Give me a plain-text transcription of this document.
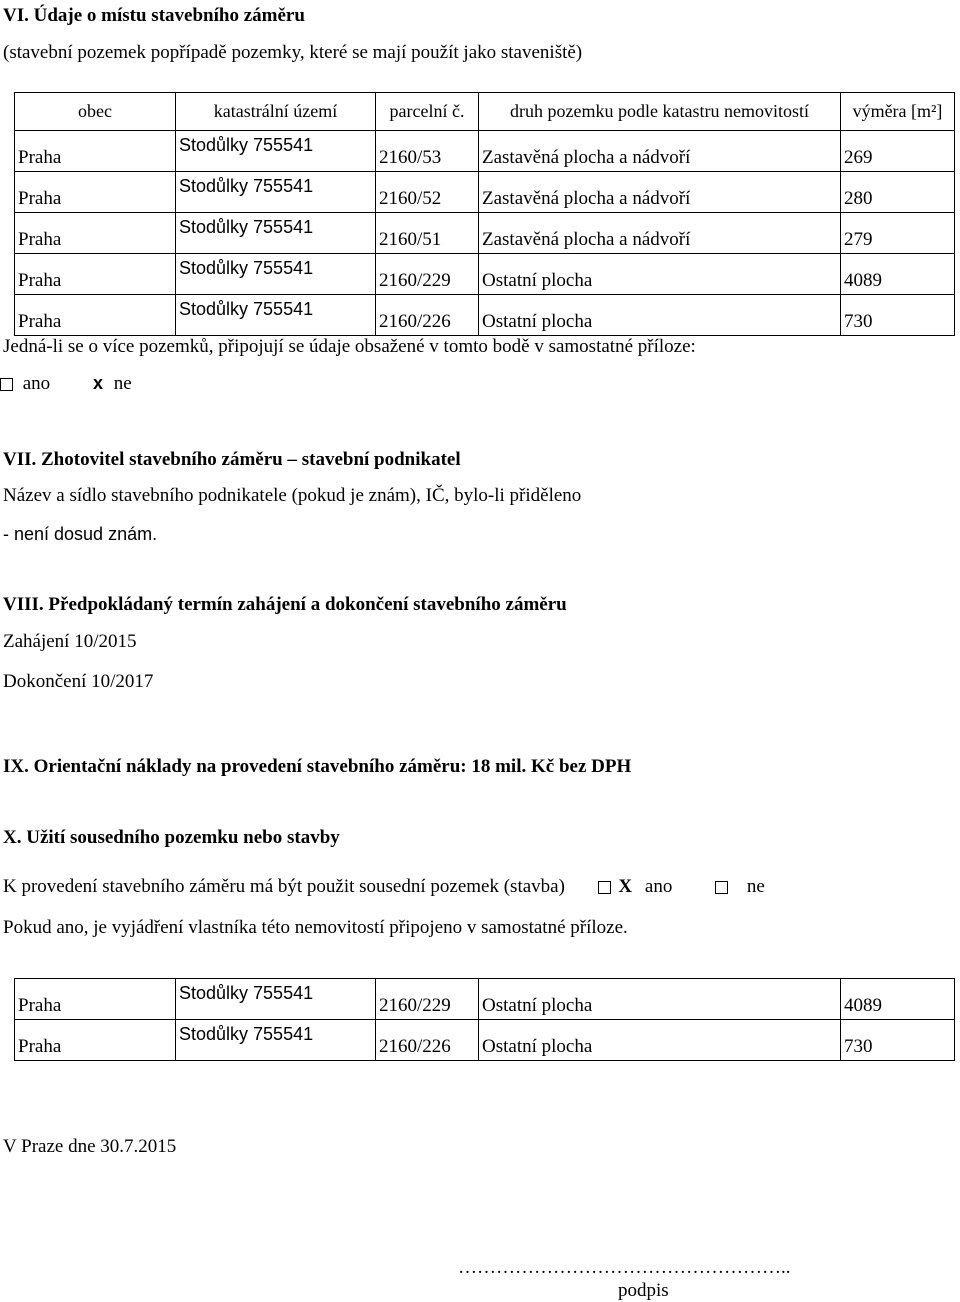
VI. Údaje o místu stavebního záměru
(stavební pozemek popřípadě pozemky, které se mají použít jako staveniště)
obec	katastrální území	parcelní č.	druh pozemku podle katastru nemovitostí	výměra [m²]
Praha	Stodůlky 755541	2160/53	Zastavěná plocha a nádvoří	269
Praha	Stodůlky 755541	2160/52	Zastavěná plocha a nádvoří	280
Praha	Stodůlky 755541	2160/51	Zastavěná plocha a nádvoří	279
Praha	Stodůlky 755541	2160/229	Ostatní plocha	4089
Praha	Stodůlky 755541	2160/226	Ostatní plocha	730
Jedná-li se o více pozemků, připojují se údaje obsažené v tomto bodě v samostatné příloze:
ano x ne
VII. Zhotovitel stavebního záměru – stavební podnikatel
Název a sídlo stavebního podnikatele (pokud je znám), IČ, bylo-li přiděleno
- není dosud znám.
VIII. Předpokládaný termín zahájení a dokončení stavebního záměru
Zahájení 10/2015
Dokončení 10/2017
IX. Orientační náklady na provedení stavebního záměru: 18 mil. Kč bez DPH
X. Užití sousedního pozemku nebo stavby
K provedení stavebního záměru má být použit sousední pozemek (stavba)	X ano	ne
Pokud ano, je vyjádření vlastníka této nemovitostí připojeno v samostatné příloze.
Praha	Stodůlky 755541	2160/229	Ostatní plocha	4089
Praha	Stodůlky 755541	2160/226	Ostatní plocha	730
V Praze dne 30.7.2015
……………………………………………..
podpis
